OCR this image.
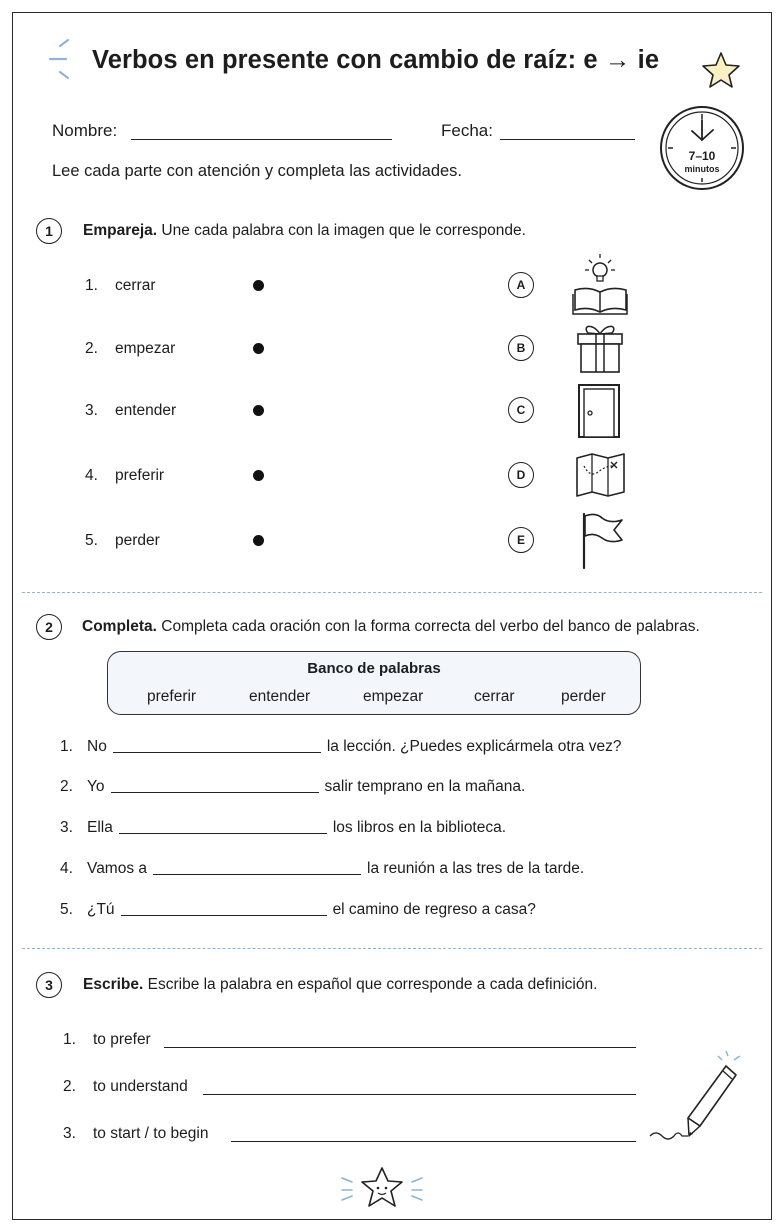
Verbos en presente con cambio de raíz: e → ie
Nombre:	Fecha:
Lee cada parte con atención y completa las actividades.
7–10
minutos
1	Empareja. Une cada palabra con la imagen que le corresponde.
1. cerrar	A
2. empezar	B
3. entender	C
4. preferir	D
5. perder	E
2	Completa. Completa cada oración con la forma correcta del verbo del banco de palabras.
Banco de palabras
preferir	entender	empezar	cerrar	perder
1. No	la lección. ¿Puedes explicármela otra vez?
2. Yo	salir temprano en la mañana.
3. Ella	los libros en la biblioteca.
4. Vamos a	la reunión a las tres de la tarde.
5. ¿Tú	el camino de regreso a casa?
3	Escribe. Escribe la palabra en español que corresponde a cada definición.
1.	to prefer
2.	to understand
3.	to start / to begin
